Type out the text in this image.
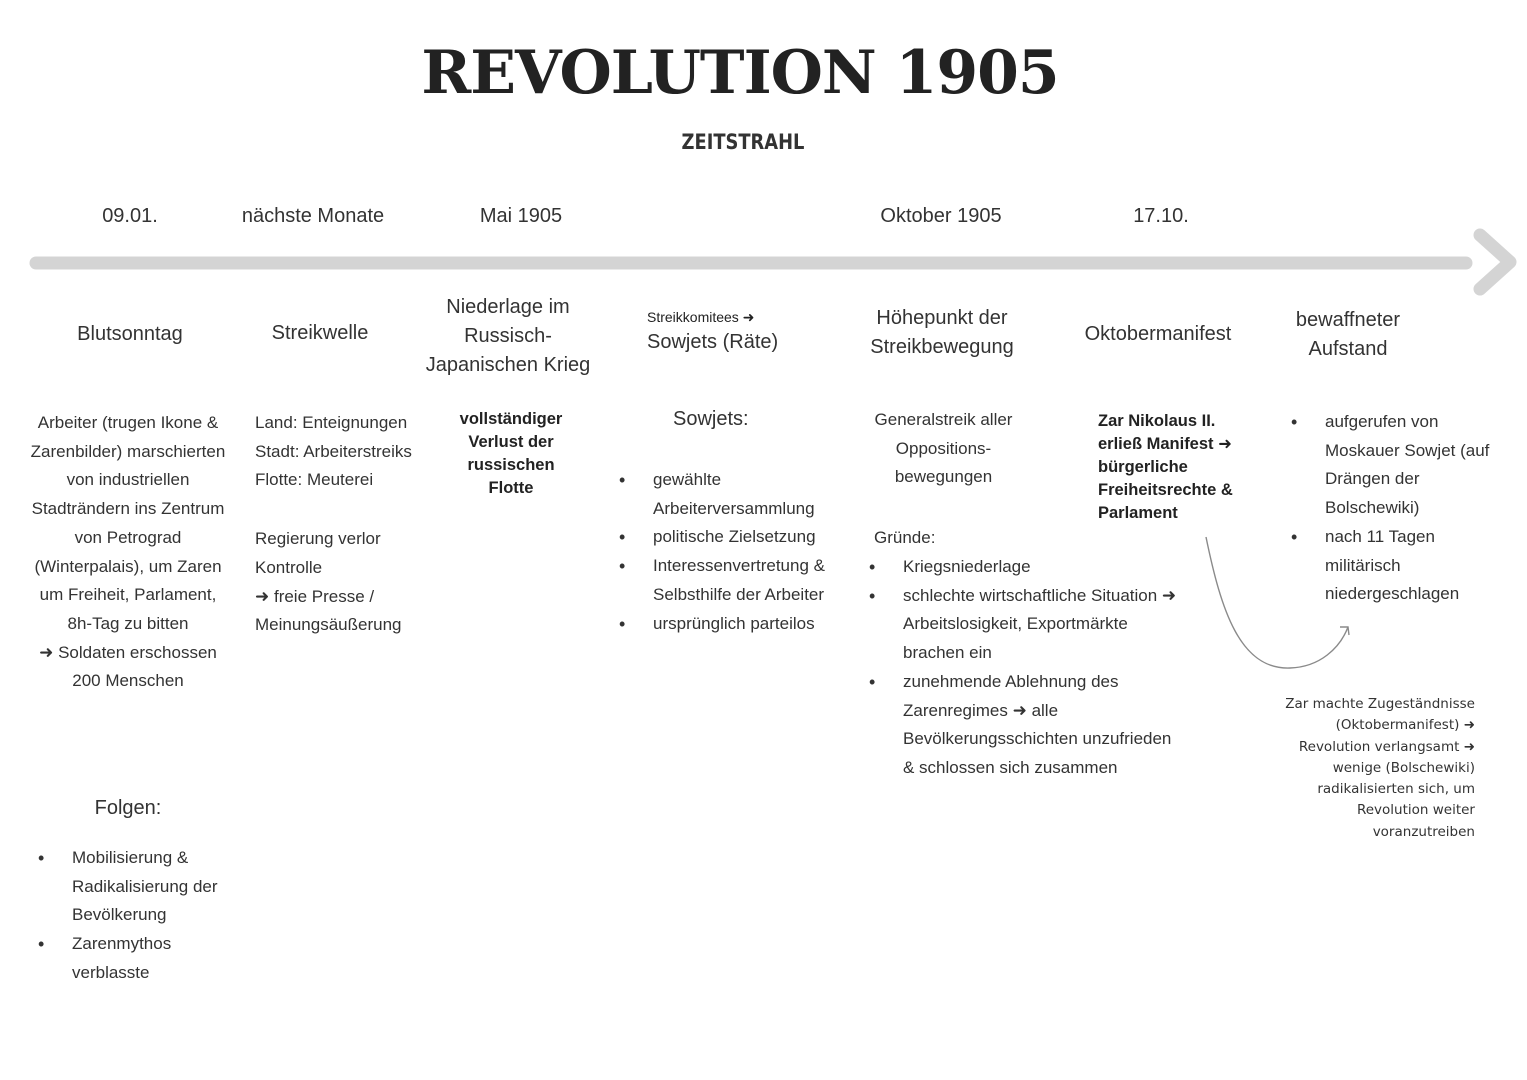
REVOLUTION 1905
ZEITSTRAHL
09.01.	nächste Monate	Mai 1905	Oktober 1905	17.10.
Blutsonntag	Streikwelle
Niederlage im Russisch-Japanischen Krieg
Streikkomitees ➜
Sowjets (Räte)
Höhepunkt der Streikbewegung
Oktobermanifest
bewaffneter Aufstand
Arbeiter (trugen Ikone & Zarenbilder) marschierten von industriellen Stadträndern ins Zentrum von Petrograd (Winterpalais), um Zaren um Freiheit, Parlament, 8h-Tag zu bitten
➜ Soldaten erschossen 200 Menschen
Folgen:
• Mobilisierung & Radikalisierung der Bevölkerung
• Zarenmythos verblasste
Land: Enteignungen
Stadt: Arbeiterstreiks
Flotte: Meuterei
Regierung verlor Kontrolle
➜ freie Presse / Meinungsäußerung
vollständiger Verlust der russischen Flotte
Sowjets:
• gewählte Arbeiterversammlung
• politische Zielsetzung
• Interessenvertretung & Selbsthilfe der Arbeiter
• ursprünglich parteilos
Generalstreik aller Oppositions-bewegungen
Gründe:
• Kriegsniederlage
• schlechte wirtschaftliche Situation ➜ Arbeitslosigkeit, Exportmärkte brachen ein
• zunehmende Ablehnung des Zarenregimes ➜ alle Bevölkerungsschichten unzufrieden & schlossen sich zusammen
Zar Nikolaus II. erließ Manifest ➜ bürgerliche Freiheitsrechte & Parlament
• aufgerufen von Moskauer Sowjet (auf Drängen der Bolschewiki)
• nach 11 Tagen militärisch niedergeschlagen
Zar machte Zugeständnisse (Oktobermanifest) ➜ Revolution verlangsamt ➜ wenige (Bolschewiki) radikalisierten sich, um Revolution weiter voranzutreiben
